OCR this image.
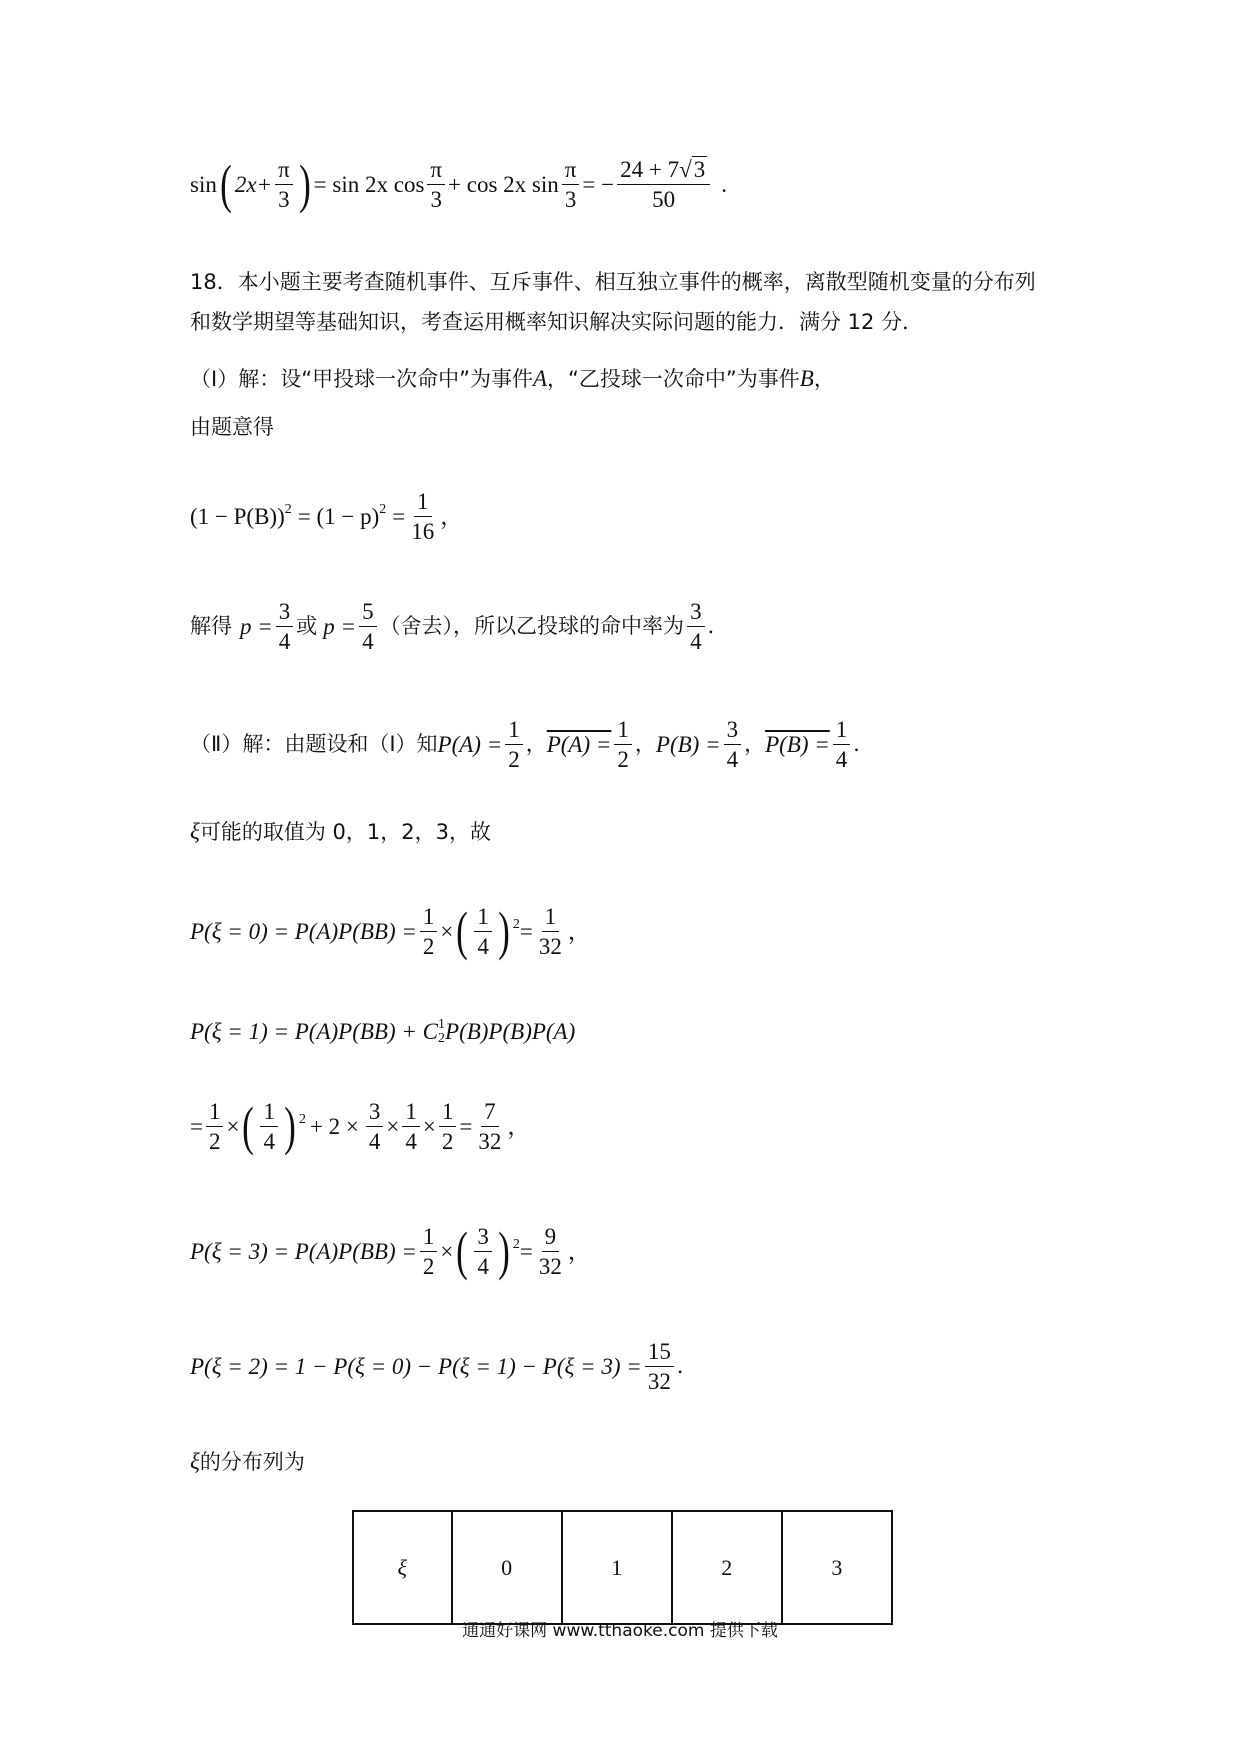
sin ( $2x+ \frac{\pi}{3}$ ) = sin 2x $\cos \frac{\pi}{3} + \cos 2x$ $\sin \frac{\pi}{3}$ = − $\frac{24 + 7√3}{50}$ .
18．本小题主要考查随机事件、互斥事件、相互独立事件的概率，离散型随机变量的分布列
和数学期望等基础知识，考查运用概率知识解决实际问题的能力．满分 12 分．
（Ⅰ）解：设“甲投球一次命中”为事件A，“乙投球一次命中”为事件B，
由题意得
(1 − P(B)) 2 = (1 − p) $2 = \frac{1}{16}$ ，
解得 $p = \frac{3}{4}$ 或 $p = \frac{5}{4}$ （舍去），所以乙投球的命中率为 $\frac{3}{4}$ ．
（Ⅱ）解：由题设和（Ⅰ）知 $P(A) = \frac{1}{2}$ ， $P(A) = \frac{1}{2}$ ， $P(B) = \frac{3}{4}$ ， $P(B) = \frac{1}{4}$ ．
ξ可能的取值为 0，1，2，3，故
$P(\xi = 0) = P(A)P(BB) = \frac{1}{2}$ × ( $\frac{1}{4}$ ) $2 = \frac{1}{32}$ ，
P(ξ = 1) = P(A)P(BB) + C 1
2 P(B)P(B)P(A)
= $\frac{1}{2}$ × ( $\frac{1}{4}$ ) $2 + 2 \times \frac{3}{4} \times \frac{1}{4} \times \frac{1}{2} = \frac{7}{32}$ ，
$P(\xi = 3) = P(A)P(BB) = \frac{1}{2}$ × ( $\frac{3}{4}$ ) $2 = \frac{9}{32}$ ，
$P(\xi = 2) = 1 - P(\xi = 0) - P(\xi = 1) - P(\xi = 3) = \frac{15}{32}$ ．
ξ的分布列为
ξ	0	1	2	3
通通好课网 www.tthaoke.com 提供下载
